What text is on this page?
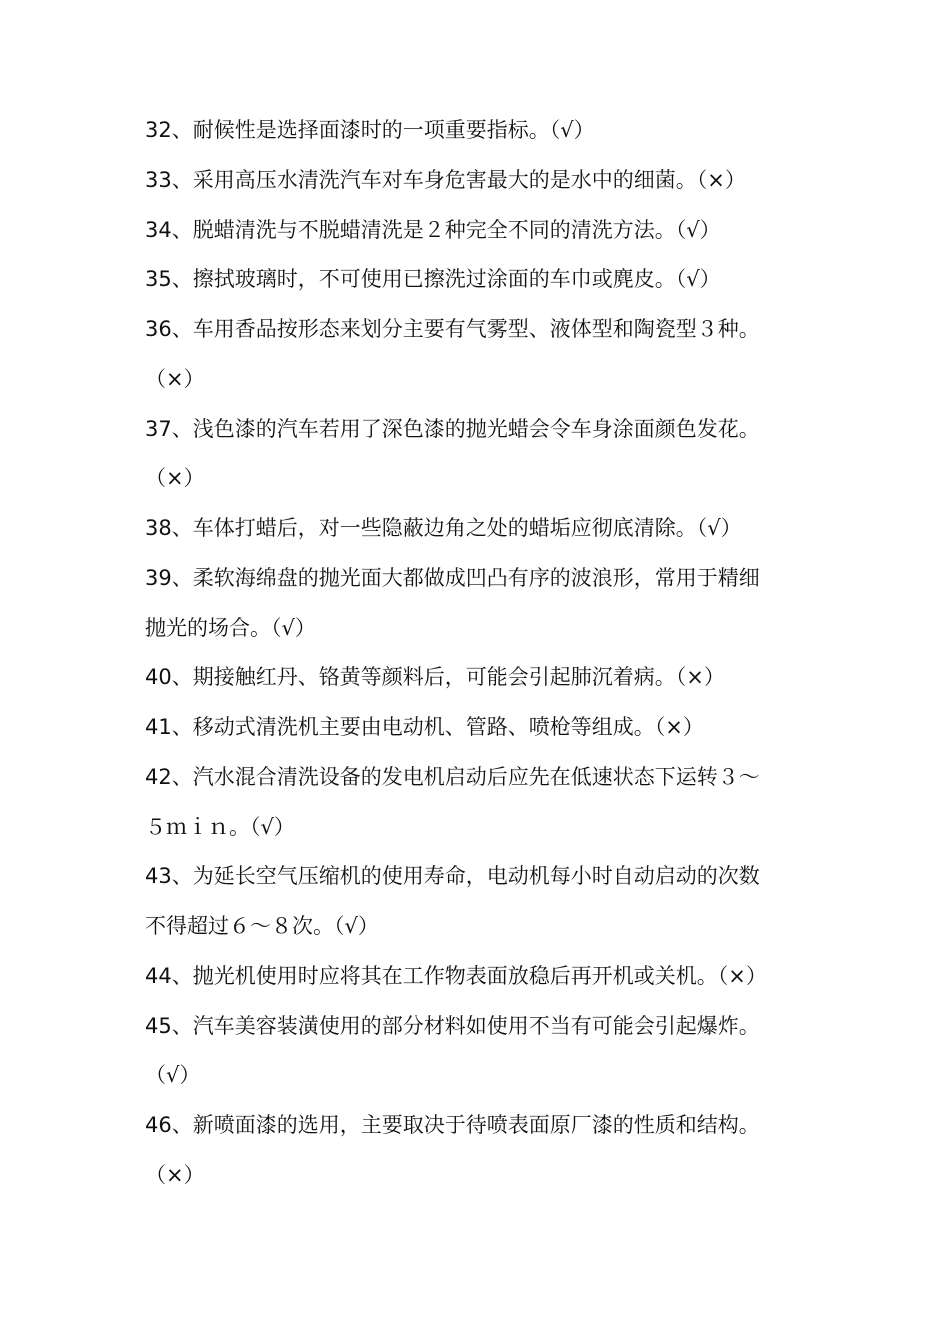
32、耐候性是选择面漆时的一项重要指标。（√）
33、采用高压水清洗汽车对车身危害最大的是水中的细菌。（×）
34、脱蜡清洗与不脱蜡清洗是２种完全不同的清洗方法。（√）
35、擦拭玻璃时，不可使用已擦洗过涂面的车巾或麂皮。（√）
36、车用香品按形态来划分主要有气雾型、液体型和陶瓷型３种。
（×）
37、浅色漆的汽车若用了深色漆的抛光蜡会令车身涂面颜色发花。
（×）
38、车体打蜡后，对一些隐蔽边角之处的蜡垢应彻底清除。（√）
39、柔软海绵盘的抛光面大都做成凹凸有序的波浪形，常用于精细
抛光的场合。（√）
40、期接触红丹、铬黄等颜料后，可能会引起肺沉着病。（×）
41、移动式清洗机主要由电动机、管路、喷枪等组成。（×）
42、汽水混合清洗设备的发电机启动后应先在低速状态下运转３～
５ｍｉｎ。（√）
43、为延长空气压缩机的使用寿命，电动机每小时自动启动的次数
不得超过６～８次。（√）
44、抛光机使用时应将其在工作物表面放稳后再开机或关机。（×）
45、汽车美容装潢使用的部分材料如使用不当有可能会引起爆炸。
（√）
46、新喷面漆的选用，主要取决于待喷表面原厂漆的性质和结构。
（×）
